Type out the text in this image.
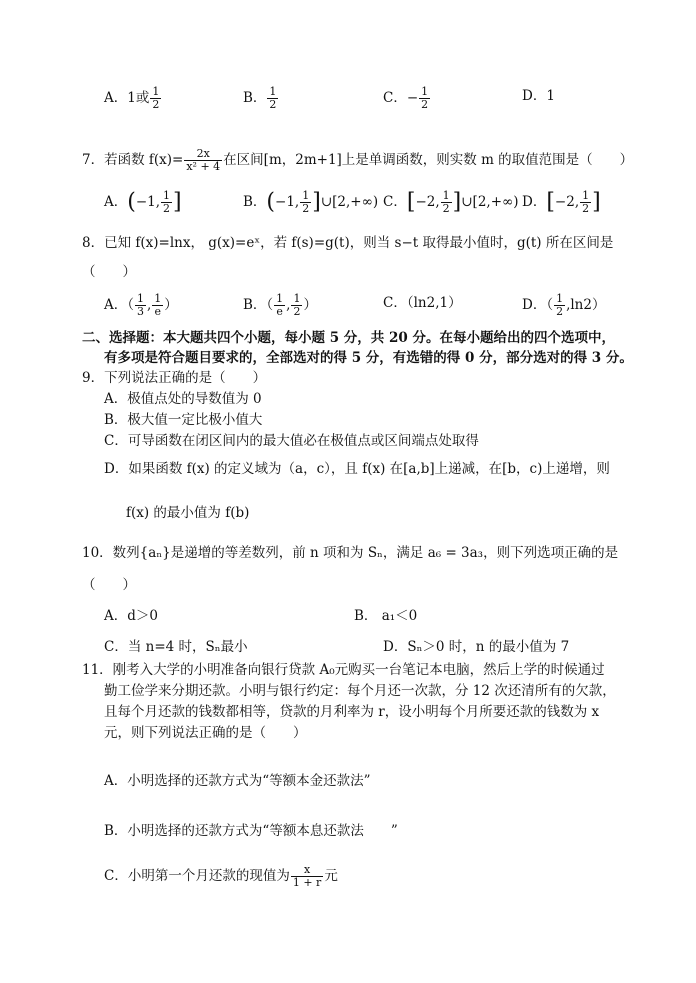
A．1或 $\frac{1}{2}$	B． $\frac{1}{2}$	C．− $\frac{1}{2}$	D．1
7．若函数 $f(x)= \frac{2x}{\text{x² + 4}}$ 在区间[m，2m+1]上是单调函数，则实数 m 的取值范围是（　　）
A．(−1, $\frac{1}{2}$ ]	B．(−1, $\frac{1}{2}$ ]∪[2,+∞) C．[−2, $\frac{1}{2}$ ]∪[2,+∞) D．[−2, $\frac{1}{2}$ ]
8．已知 f(x)=lnx， g(x)=eˣ，若 f(s)=g(t)，则当 s−t 取得最小值时，g(t) 所在区间是
（　　）
A．（ $\frac{1}{3}$ , $\frac{1}{e}$ ）	B．（ $\frac{1}{e}$ , $\frac{1}{2}$ ）	C．（ln2,1）	D．（ $\frac{1}{2} ,\ln 2$）
二、选择题：本大题共四个小题，每小题 5 分，共 20 分。在每小题给出的四个选项中，
有多项是符合题目要求的，全部选对的得 5 分，有选错的得 0 分，部分选对的得 3 分。
9．下列说法正确的是（　　）
A．极值点处的导数值为 0
B．极大值一定比极小值大
C．可导函数在闭区间内的最大值必在极值点或区间端点处取得
D．如果函数 f(x) 的定义域为（a，c），且 f(x) 在[a,b]上递减，在[b，c)上递增，则
f(x) 的最小值为 f(b)
10．数列{aₙ}是递增的等差数列，前 n 项和为 Sₙ，满足 a₆ = 3a₃，则下列选项正确的是
（　　）
A．d＞0	B． a₁＜0
C．当 n=4 时，Sₙ最小	D．Sₙ＞0 时，n 的最小值为 7
11．刚考入大学的小明准备向银行贷款 A₀元购买一台笔记本电脑，然后上学的时候通过
勤工俭学来分期还款。小明与银行约定：每个月还一次款，分 12 次还清所有的欠款，
且每个月还款的钱数都相等，贷款的月利率为 r，设小明每个月所要还款的钱数为 x
元，则下列说法正确的是（　　）
A．小明选择的还款方式为“等额本金还款法”
B．小明选择的还款方式为“等额本息还款法　　”
C．小明第一个月还款的现值为 $\frac{x}{1 + r}$ 元
